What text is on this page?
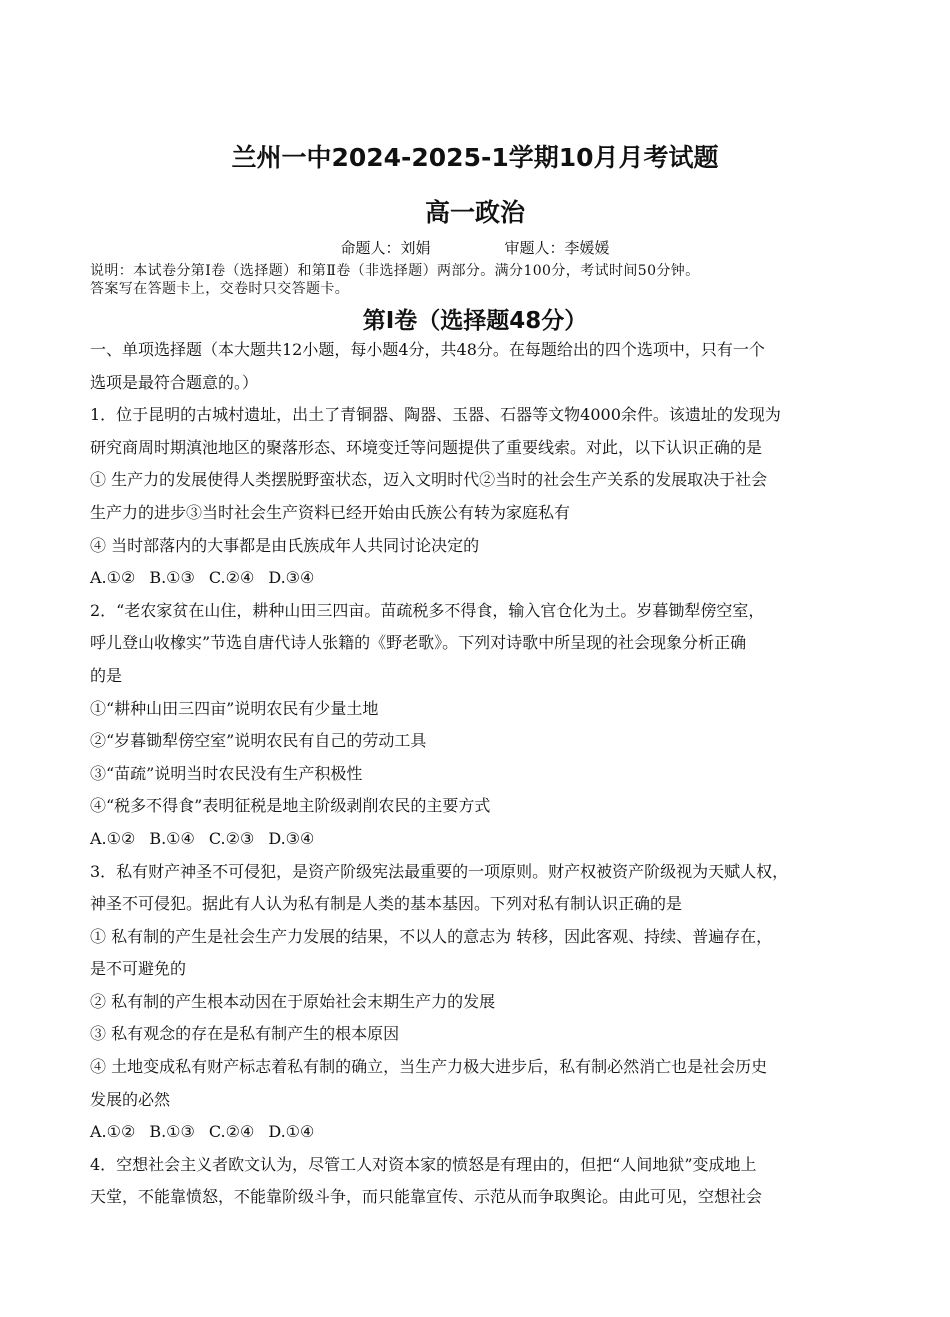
兰州一中2024-2025-1学期10月月考试题
高一政治
命题人：刘娟	审题人：李媛媛
说明：本试卷分第Ⅰ卷（选择题）和第Ⅱ卷（非选择题）两部分。满分100分，考试时间50分钟。
答案写在答题卡上，交卷时只交答题卡。
第Ⅰ卷（选择题48分）

一、单项选择题（本大题共12小题，每小题4分，共48分。在每题给出的四个选项中，只有一个

选项是最符合题意的。）

1．位于昆明的古城村遗址，出土了青铜器、陶器、玉器、石器等文物4000余件。该遗址的发现为

研究商周时期滇池地区的聚落形态、环境变迁等问题提供了重要线索。对此，以下认识正确的是

① 生产力的发展使得人类摆脱野蛮状态，迈入文明时代②当时的社会生产关系的发展取决于社会

生产力的进步③当时社会生产资料已经开始由氏族公有转为家庭私有

④ 当时部落内的大事都是由氏族成年人共同讨论决定的

A.①② B.①③ C.②④ D.③④

2．“老农家贫在山住，耕种山田三四亩。苗疏税多不得食，输入官仓化为土。岁暮锄犁傍空室，

呼儿登山收橡实”节选自唐代诗人张籍的《野老歌》。下列对诗歌中所呈现的社会现象分析正确

的是

①“耕种山田三四亩”说明农民有少量土地

②“岁暮锄犁傍空室”说明农民有自己的劳动工具

③“苗疏”说明当时农民没有生产积极性

④“税多不得食”表明征税是地主阶级剥削农民的主要方式

A.①② B.①④ C.②③ D.③④

3．私有财产神圣不可侵犯，是资产阶级宪法最重要的一项原则。财产权被资产阶级视为天赋人权，

神圣不可侵犯。据此有人认为私有制是人类的基本基因。下列对私有制认识正确的是

① 私有制的产生是社会生产力发展的结果，不以人的意志为 转移，因此客观、持续、普遍存在，

是不可避免的

② 私有制的产生根本动因在于原始社会末期生产力的发展

③ 私有观念的存在是私有制产生的根本原因

④ 土地变成私有财产标志着私有制的确立，当生产力极大进步后，私有制必然消亡也是社会历史

发展的必然

A.①② B.①③ C.②④ D.①④

4．空想社会主义者欧文认为，尽管工人对资本家的愤怒是有理由的，但把“人间地狱”变成地上

天堂，不能靠愤怒，不能靠阶级斗争，而只能靠宣传、示范从而争取舆论。由此可见，空想社会
